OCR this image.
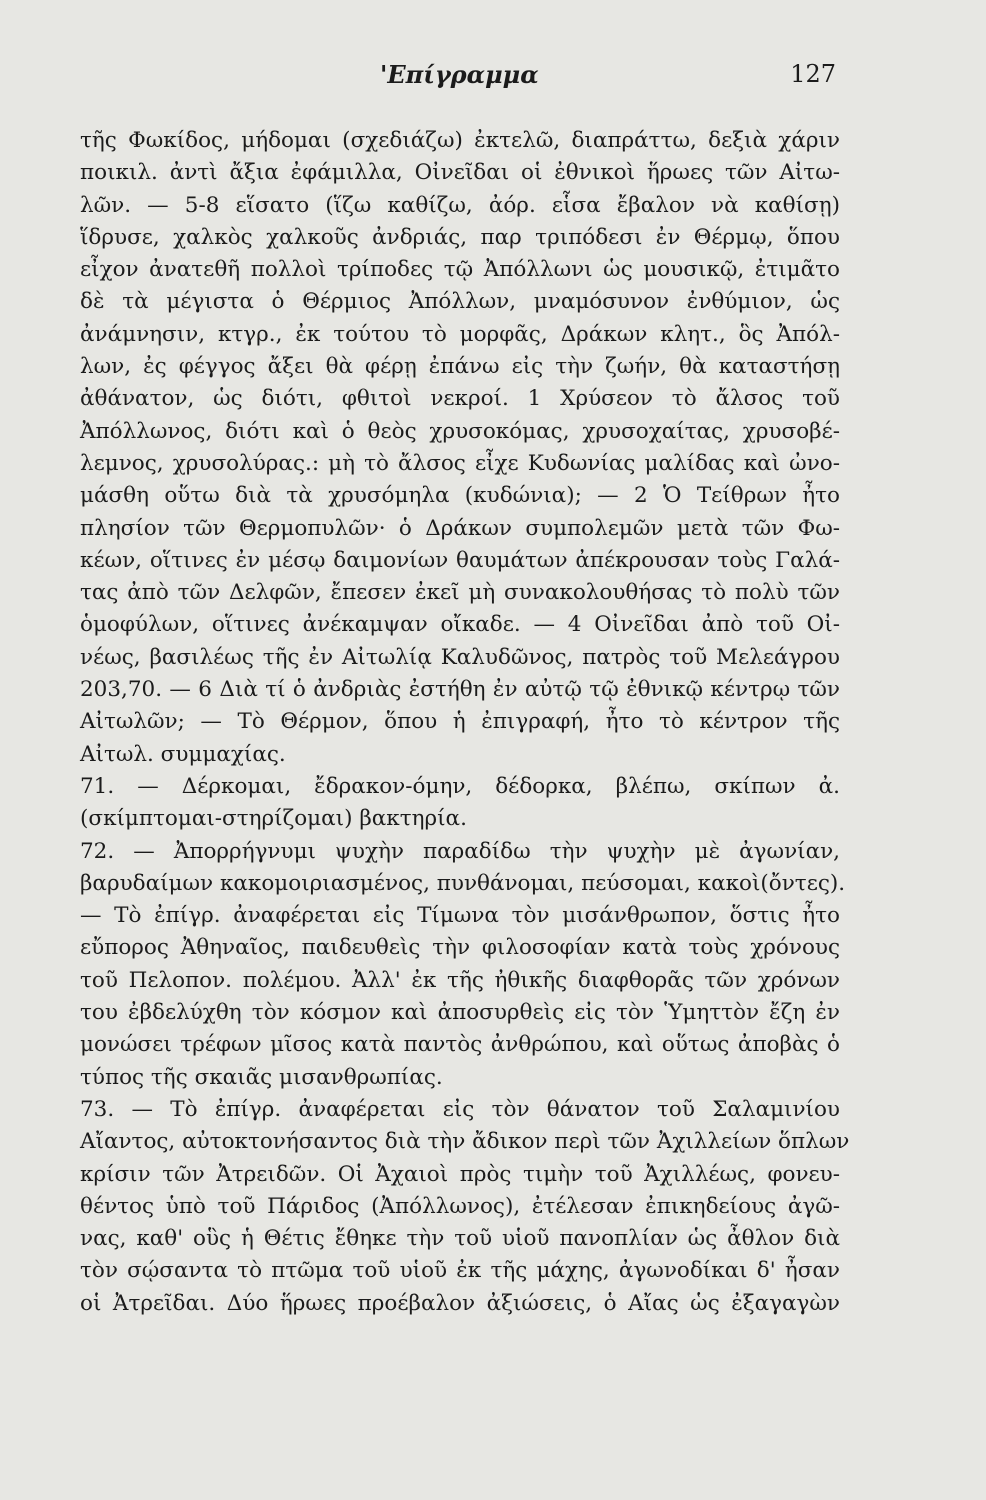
'Επίγραμμα	127
τῆς Φωκίδος, μήδομαι (σχεδιάζω) ἐκτελῶ, διαπράττω, δεξιὰ χάριν
ποικιλ. ἀντὶ ἄξια ἐφάμιλλα, Οἰνεῖδαι οἱ ἐθνικοὶ ἥρωες τῶν Αἰτω-
λῶν. — 5-8 εἵσατο (ἵζω καθίζω, ἀόρ. εἷσα ἔβαλον νὰ καθίσῃ)
ἵδρυσε, χαλκὸς χαλκοῦς ἀνδριάς, παρ τριπόδεσι ἐν Θέρμῳ, ὅπου
εἶχον ἀνατεθῆ πολλοὶ τρίποδες τῷ Ἀπόλλωνι ὡς μουσικῷ, ἐτιμᾶτο
δὲ τὰ μέγιστα ὁ Θέρμιος Ἀπόλλων, μναμόσυνον ἐνθύμιον, ὡς
ἀνάμνησιν, κτγρ., ἐκ τούτου τὸ μορφᾶς, Δράκων κλητ., ὃς Ἀπόλ-
λων, ἐς φέγγος ἄξει θὰ φέρῃ ἐπάνω εἰς τὴν ζωήν, θὰ καταστήσῃ
ἀθάνατον, ὡς διότι, φθιτοὶ νεκροί. 1 Χρύσεον τὸ ἄλσος τοῦ
Ἀπόλλωνος, διότι καὶ ὁ θεὸς χρυσοκόμας, χρυσοχαίτας, χρυσοβέ-
λεμνος, χρυσολύρας.: μὴ τὸ ἄλσος εἶχε Κυδωνίας μαλίδας καὶ ὠνο-
μάσθη οὕτω διὰ τὰ χρυσόμηλα (κυδώνια); — 2 Ὁ Τείθρων ἦτο
πλησίον τῶν Θερμοπυλῶν· ὁ Δράκων συμπολεμῶν μετὰ τῶν Φω-
κέων, οἵτινες ἐν μέσῳ δαιμονίων θαυμάτων ἀπέκρουσαν τοὺς Γαλά-
τας ἀπὸ τῶν Δελφῶν, ἔπεσεν ἐκεῖ μὴ συνακολουθήσας τὸ πολὺ τῶν
ὁμοφύλων, οἵτινες ἀνέκαμψαν οἴκαδε. — 4 Οἰνεῖδαι ἀπὸ τοῦ Οἰ-
νέως, βασιλέως τῆς ἐν Αἰτωλίᾳ Καλυδῶνος, πατρὸς τοῦ Μελεάγρου
203,70. — 6 Διὰ τί ὁ ἀνδριὰς ἐστήθη ἐν αὐτῷ τῷ ἐθνικῷ κέντρῳ τῶν
Αἰτωλῶν; — Τὸ Θέρμον, ὅπου ἡ ἐπιγραφή, ἦτο τὸ κέντρον τῆς
Αἰτωλ. συμμαχίας.
71. — Δέρκομαι, ἔδρακον-όμην, δέδορκα, βλέπω, σκίπων ἀ.
(σκίμπτομαι-στηρίζομαι) βακτηρία.
72. — Ἀπορρήγνυμι ψυχὴν παραδίδω τὴν ψυχὴν μὲ ἀγωνίαν,
βαρυδαίμων κακομοιριασμένος, πυνθάνομαι, πεύσομαι, κακοὶ(ὄντες).
— Τὸ ἐπίγρ. ἀναφέρεται εἰς Τίμωνα τὸν μισάνθρωπον, ὅστις ἦτο
εὔπορος Ἀθηναῖος, παιδευθεὶς τὴν φιλοσοφίαν κατὰ τοὺς χρόνους
τοῦ Πελοπον. πολέμου. Ἀλλ' ἐκ τῆς ἠθικῆς διαφθορᾶς τῶν χρόνων
του ἐβδελύχθη τὸν κόσμον καὶ ἀποσυρθεὶς εἰς τὸν Ὑμηττὸν ἔζη ἐν
μονώσει τρέφων μῖσος κατὰ παντὸς ἀνθρώπου, καὶ οὕτως ἀποβὰς ὁ
τύπος τῆς σκαιᾶς μισανθρωπίας.
73. — Τὸ ἐπίγρ. ἀναφέρεται εἰς τὸν θάνατον τοῦ Σαλαμινίου
Αἴαντος, αὐτοκτονήσαντος διὰ τὴν ἄδικον περὶ τῶν Ἀχιλλείων ὅπλων
κρίσιν τῶν Ἀτρειδῶν. Οἱ Ἀχαιοὶ πρὸς τιμὴν τοῦ Ἀχιλλέως, φονευ-
θέντος ὑπὸ τοῦ Πάριδος (Ἀπόλλωνος), ἐτέλεσαν ἐπικηδείους ἀγῶ-
νας, καθ' οὓς ἡ Θέτις ἔθηκε τὴν τοῦ υἱοῦ πανοπλίαν ὡς ἆθλον διὰ
τὸν σῴσαντα τὸ πτῶμα τοῦ υἱοῦ ἐκ τῆς μάχης, ἀγωνοδίκαι δ' ἦσαν
οἱ Ἀτρεῖδαι. Δύο ἥρωες προέβαλον ἀξιώσεις, ὁ Αἴας ὡς ἐξαγαγὼν
